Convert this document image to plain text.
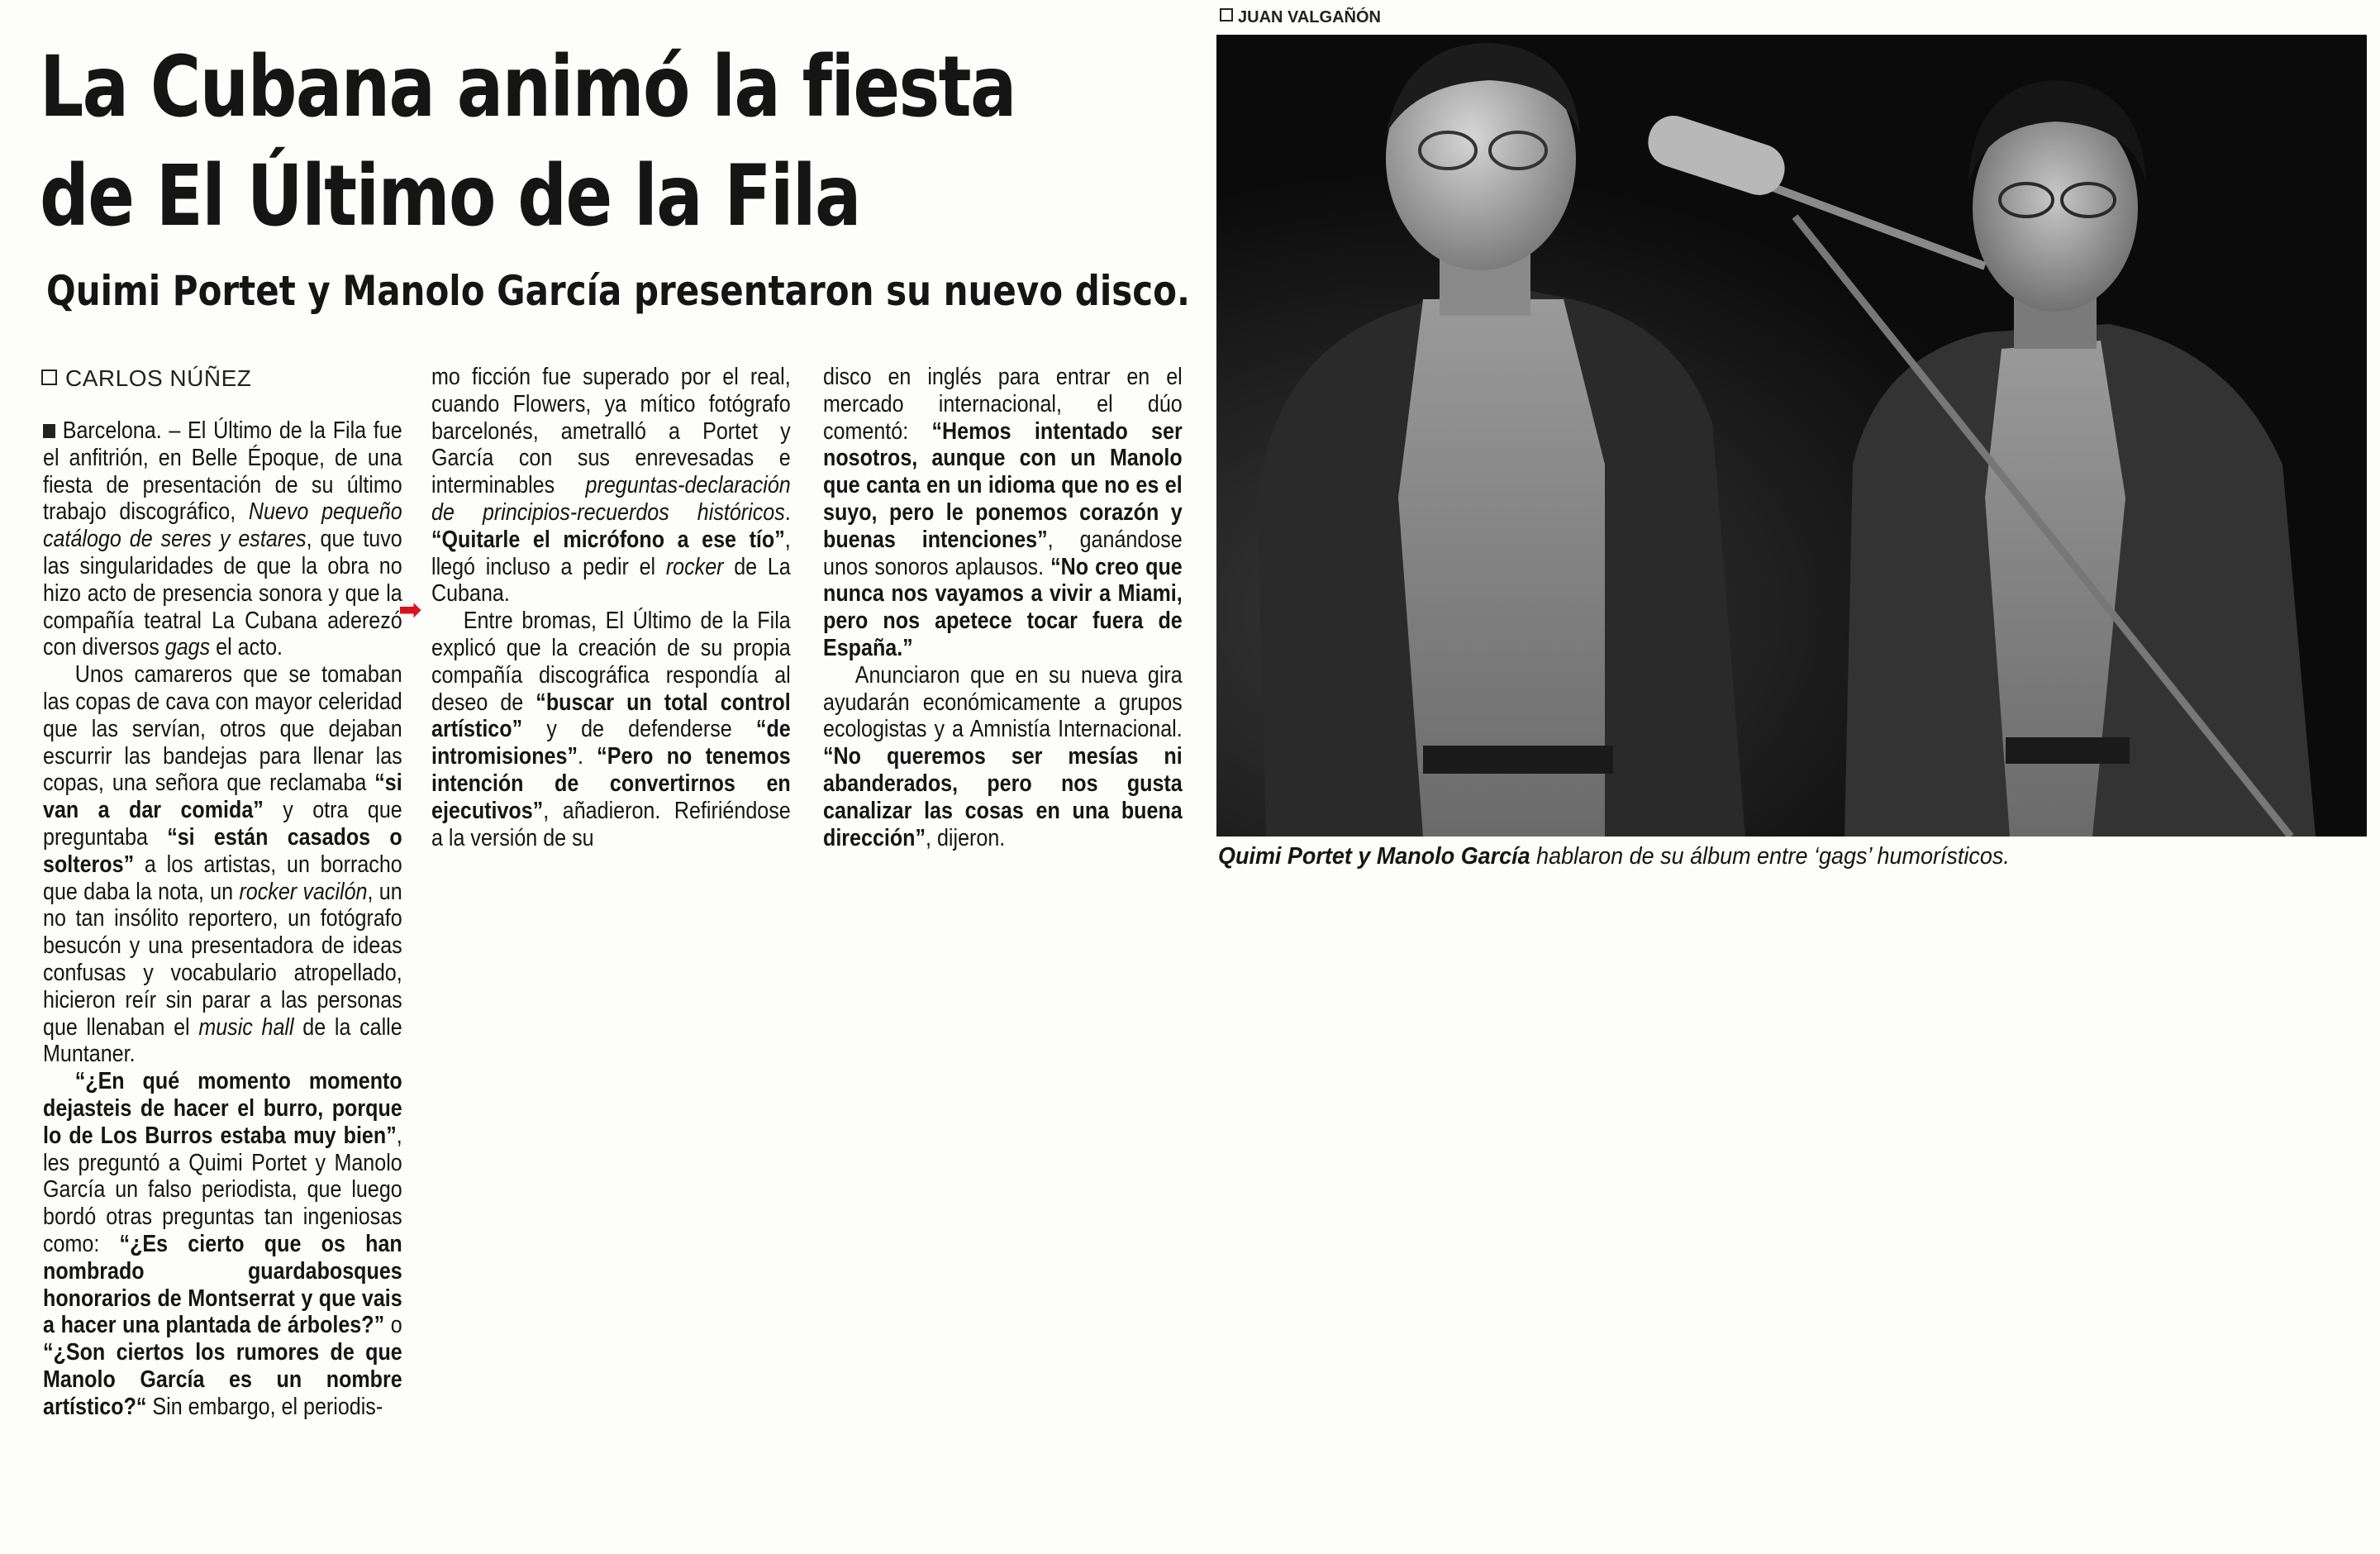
La Cubana animó la fiesta
de El Último de la Fila
Quimi Portet y Manolo García presentaron su nuevo disco.
CARLOS NÚÑEZ

Barcelona. – El Último de la Fila fue el anfitrión, en Belle Époque, de una fiesta de presentación de su último trabajo discográfico, Nuevo pequeño catálogo de seres y estares, que tuvo las singularidades de que la obra no hizo acto de presencia sonora y que la compañía teatral La Cubana aderezó con diversos gags el acto.

Unos camareros que se tomaban las copas de cava con mayor celeridad que las servían, otros que dejaban escurrir las bandejas para llenar las copas, una señora que reclamaba “si van a dar comida” y otra que preguntaba “si están casados o solteros” a los artistas, un borracho que daba la nota, un rocker vacilón, un no tan insólito reportero, un fotógrafo besucón y una presentadora de ideas confusas y vocabulario atropellado, hicieron reír sin parar a las personas que llenaban el music hall de la calle Muntaner.

“¿En qué momento momento dejasteis de hacer el burro, porque lo de Los Burros estaba muy bien”, les preguntó a Quimi Portet y Manolo García un falso periodista, que luego bordó otras preguntas tan ingeniosas como: “¿Es cierto que os han nombrado guardabosques honorarios de Montserrat y que vais a hacer una plantada de árboles?” o “¿Son ciertos los rumores de que Manolo García es un nombre artístico?“ Sin embargo, el periodis-

mo ficción fue superado por el real, cuando Flowers, ya mítico fotógrafo barcelonés, ametralló a Portet y García con sus enrevesadas e interminables preguntas-declaración de principios-recuerdos históricos. “Quitarle el micrófono a ese tío”, llegó incluso a pedir el rocker de La Cubana.

Entre bromas, El Último de la Fila explicó que la creación de su propia compañía discográfica respondía al deseo de “buscar un total control artístico” y de defenderse “de intromisiones”. “Pero no tenemos intención de convertirnos en ejecutivos”, añadieron. Refiriéndose a la versión de su

disco en inglés para entrar en el mercado internacional, el dúo comentó: “Hemos intentado ser nosotros, aunque con un Manolo que canta en un idioma que no es el suyo, pero le ponemos corazón y buenas intenciones”, ganándose unos sonoros aplausos. “No creo que nunca nos vayamos a vivir a Miami, pero nos apetece tocar fuera de España.”

Anunciaron que en su nueva gira ayudarán económicamente a grupos ecologistas y a Amnistía Internacional. “No queremos ser mesías ni abanderados, pero nos gusta canalizar las cosas en una buena dirección”, dijeron.

➡
JUAN VALGAÑÓN
Quimi Portet y Manolo García hablaron de su álbum entre ‘gags’ humorísticos.
